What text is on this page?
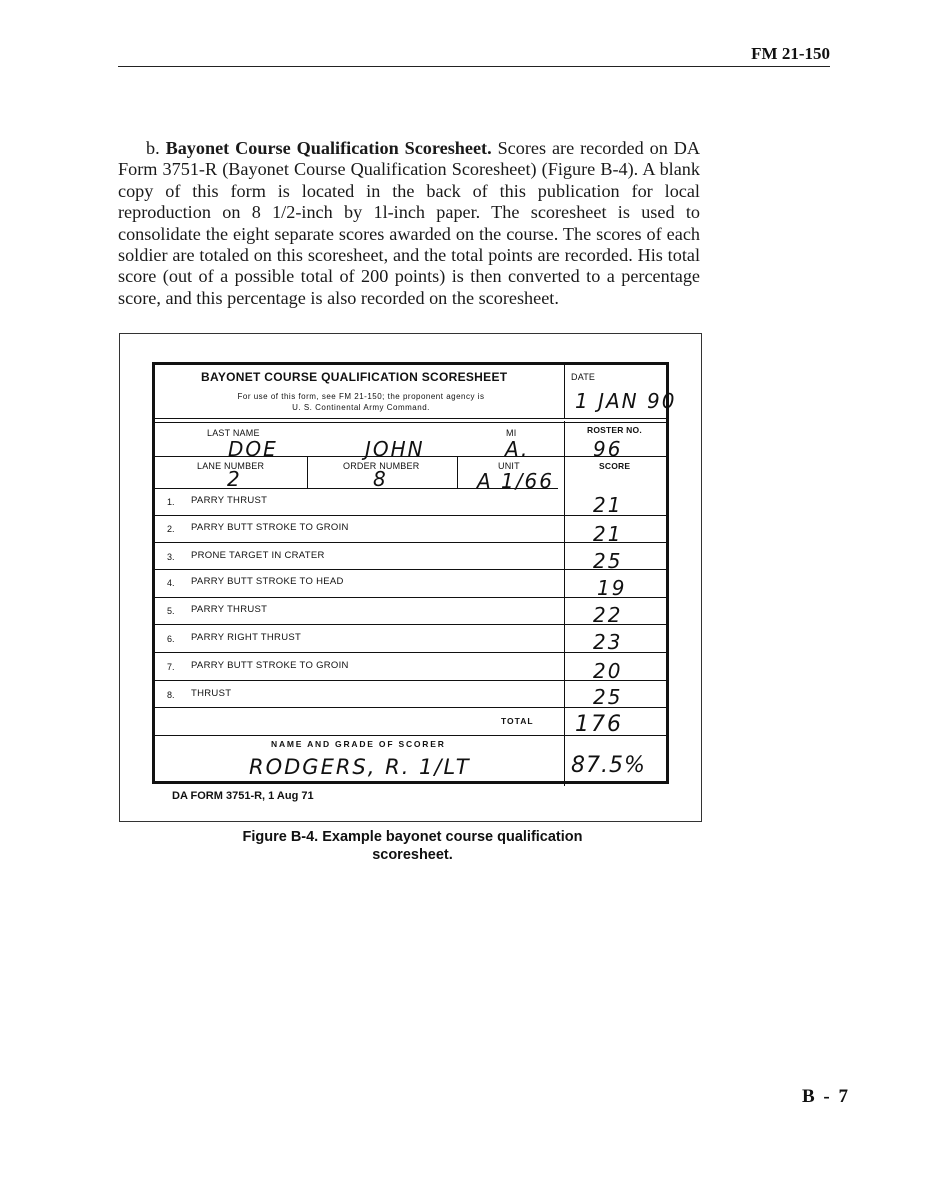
FM 21-150

b. Bayonet Course Qualification Scoresheet. Scores are recorded on DA Form 3751-R (Bayonet Course Qualification Scoresheet) (Figure B-4). A blank copy of this form is located in the back of this publication for local reproduction on 8 1/2-inch by 1l-inch paper. The scoresheet is used to consolidate the eight separate scores awarded on the course. The scores of each soldier are totaled on this scoresheet, and the total points are recorded. His total score (out of a possible total of 200 points) is then converted to a percentage score, and this percentage is also recorded on the scoresheet.

BAYONET COURSE QUALIFICATION SCORESHEET
For use of this form, see FM 21-150; the proponent agency is
U. S. Continental Army Command.
DATE
1 JAN 90
LAST NAME
DOE	JOHN
MI
A.
ROSTER NO.
96
LANE NUMBER
2
ORDER NUMBER
8
UNIT
A 1/66
SCORE
1. PARRY THRUST	21
2. PARRY BUTT STROKE TO GROIN	21
3. PRONE TARGET IN CRATER	25
4. PARRY BUTT STROKE TO HEAD	19
5. PARRY THRUST	22
6. PARRY RIGHT THRUST	23
7. PARRY BUTT STROKE TO GROIN	20
8. THRUST	25
TOTAL 176
NAME AND GRADE OF SCORER
RODGERS, R. 1/LT	87.5%
DA FORM 3751-R, 1 Aug 71
Figure B-4. Example bayonet course qualification
scoresheet.
B - 7
